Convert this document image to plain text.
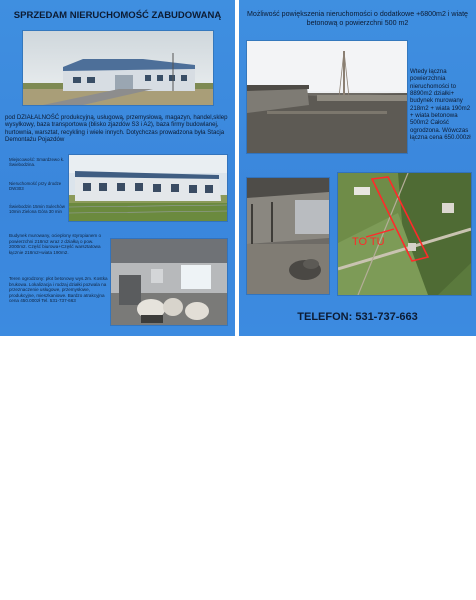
SPRZEDAM NIERUCHOMOŚĆ ZABUDOWANĄ
pod DZIAŁALNOŚĆ produkcyjną, usługową, przemysłową, magazyn, handel,sklep wysyłkowy, baza transportowa (blisko zjazdów S3 i A2), baza firmy budowlanej, hurtownia, warsztat, recykling i wiele innych. Dotychczas prowadzona była Stacja Demontażu Pojazdów
Miejscowość: Smardzewo k. Świebodzina.
Nieruchomość przy drodze DW303
Świebodzin 15min Sulechów 10min Zielona Góra 30 min
Budynek murowany, ocieplony styropianem o powierzchni 218m2 wraz z działką o pow. 2000m2. Część biurowa+Część warsztatowa łącznie 218m2+wiata 190m2.
Teren ogrodzony: płot betonowy wys.2m. Kostka brukowa. Lokalizacja i rodzaj działki pozwala na przeznaczenie usługowe, przemysłowe, produkcyjne, mieszkaniowe. Bardzo atrakcyjna cena 450.000zł Tel. 531-737-663
Możliwość powiększenia nieruchomości o dodatkowe +6800m2 i wiatę betonową o powierzchni 500 m2
Wtedy łączna powierzchnia nieruchomości to 8890m2 działki+ budynek murowany 218m2 + wiata 190m2 + wiata betonowa 500m2 Całość ogrodzona. Wówczas łączna cena 650.000zł
TO TU
TELEFON: 531-737-663
